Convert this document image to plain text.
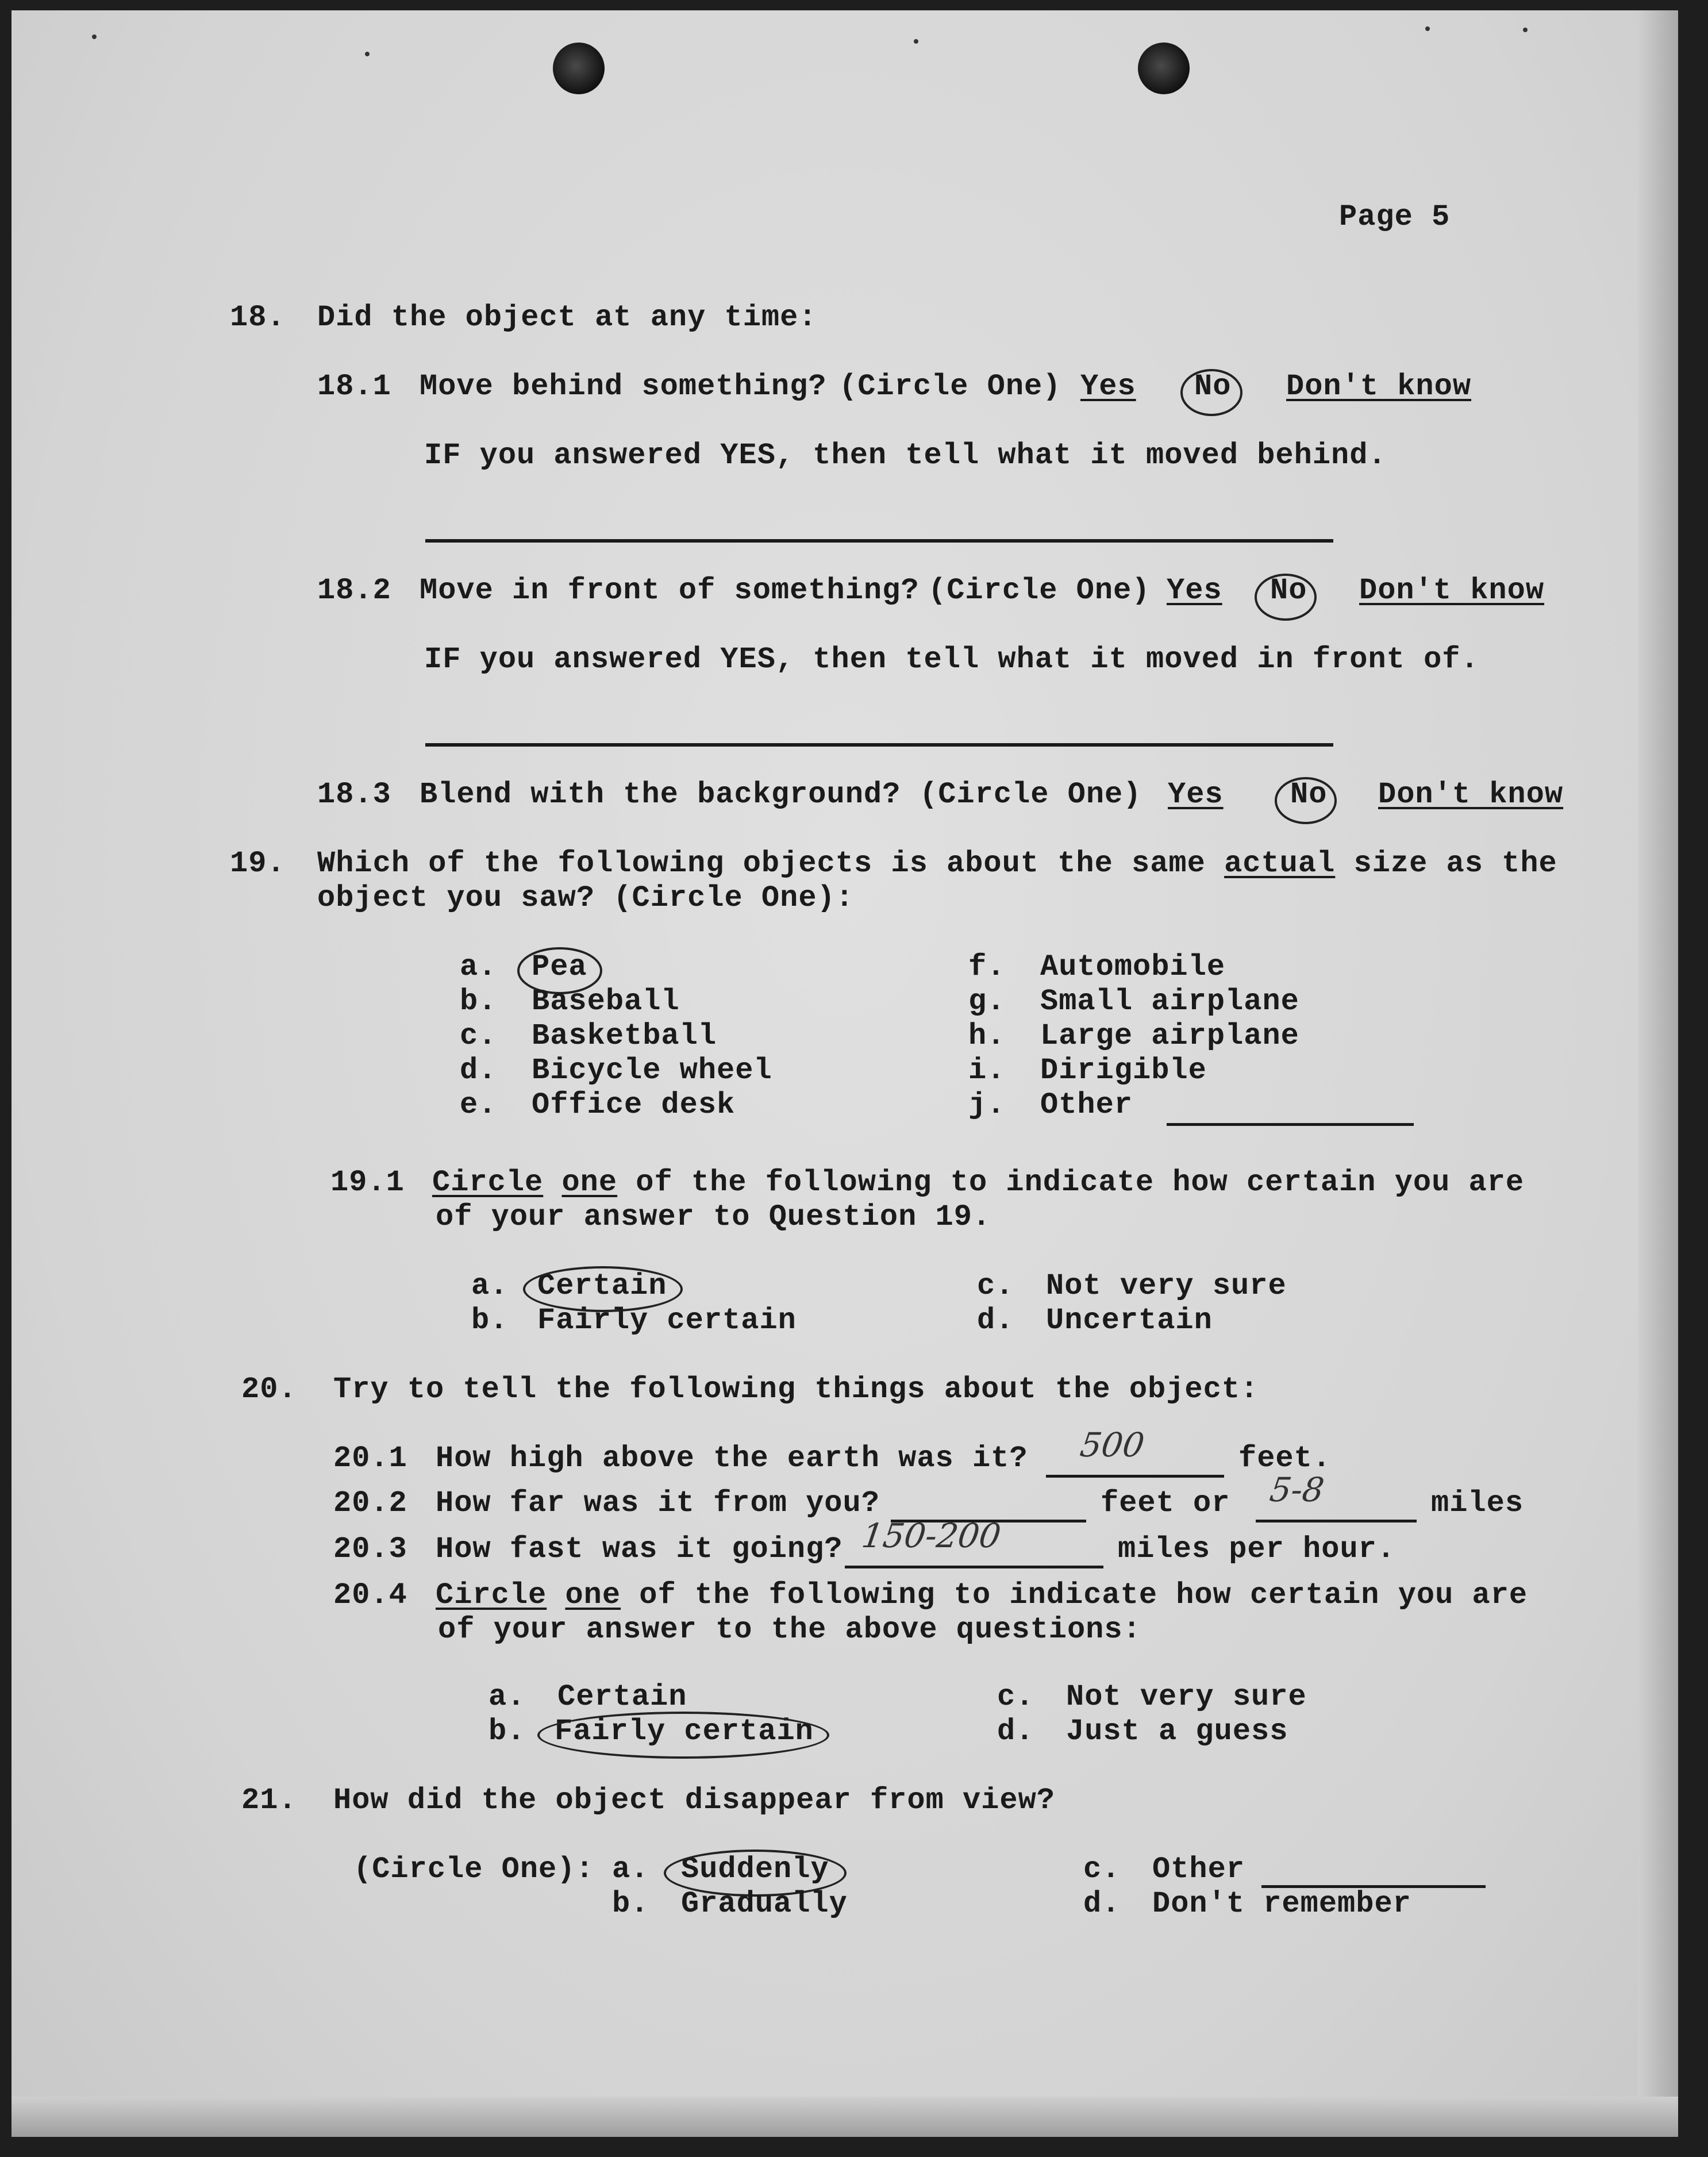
Page 5
18. Did the object at any time:
18.1 Move behind something? (Circle One) Yes No Don't know
IF you answered YES, then tell what it moved behind.
18.2 Move in front of something? (Circle One) Yes No Don't know
IF you answered YES, then tell what it moved in front of.
18.3 Blend with the background? (Circle One) Yes No Don't know
19. Which of the following objects is about the same actual size as the
object you saw? (Circle One):
a. Pea
b. Baseball
c. Basketball
d. Bicycle wheel
e. Office desk
f. Automobile
g. Small airplane
h. Large airplane
i. Dirigible
j. Other
19.1 Circle one of the following to indicate how certain you are
of your answer to Question 19.
a. Certain
b. Fairly certain
c. Not very sure
d. Uncertain
20. Try to tell the following things about the object:
20.1 How high above the earth was it? 500	feet.
20.2 How far was it from you?	feet or 5-8	miles
20.3 How fast was it going? 150-200	miles per hour.
20.4 Circle one of the following to indicate how certain you are
of your answer to the above questions:
a. Certain
b. Fairly certain
c. Not very sure
d. Just a guess
21. How did the object disappear from view?
(Circle One): a. Suddenly
b. Gradually
c. Other
d. Don't remember
